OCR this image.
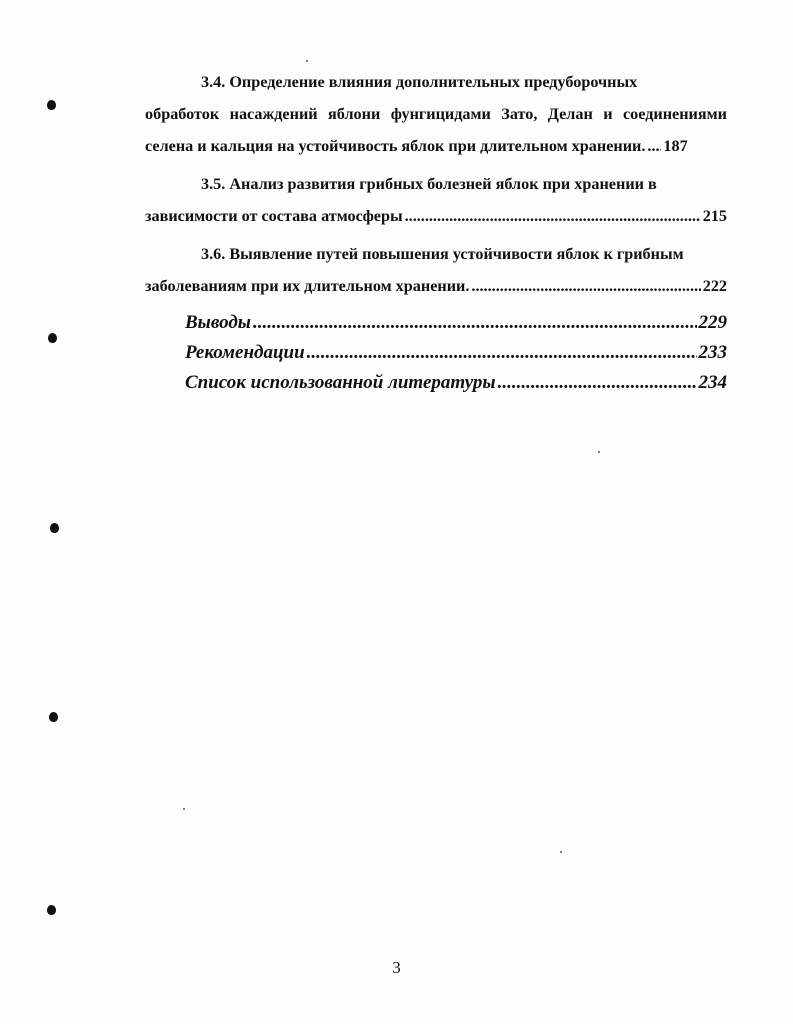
3.4. Определение влияния дополнительных предуборочных
обработок насаждений яблони фунгицидами Зато, Делан и соединениями
селена и кальция на устойчивость яблок при длительном хранении. ..... 187
3.5. Анализ развития грибных болезней яблок при хранении в
зависимости от состава атмосферы .....	215
3.6. Выявление путей повышения устойчивости яблок к грибным
заболеваниям при их длительном хранении. .....	222
Выводы .....	229
Рекомендации .....	233
Список использованной литературы .....	234
3
